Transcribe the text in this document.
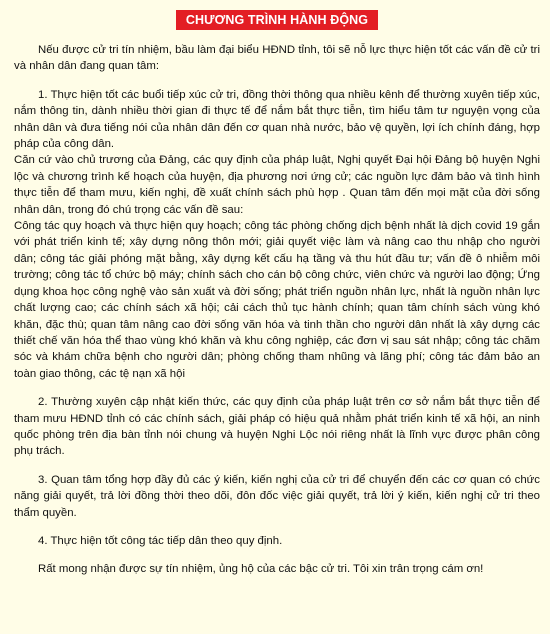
CHƯƠNG TRÌNH HÀNH ĐỘNG

Nếu được cử tri tín nhiệm, bầu làm đại biểu HĐND tỉnh, tôi sẽ nỗ lực thực hiện tốt các vấn đề cử tri và nhân dân đang quan tâm:

1. Thực hiện tốt các buổi tiếp xúc cử tri, đồng thời thông qua nhiều kênh để thường xuyên tiếp xúc, nắm thông tin, dành nhiều thời gian đi thực tế để nắm bắt thực tiễn, tìm hiểu tâm tư nguyện vọng của nhân dân và đưa tiếng nói của nhân dân đến cơ quan nhà nước, bảo vệ quyền, lợi ích chính đáng, hợp pháp của công dân.

Căn cứ vào chủ trương của Đảng, các quy định của pháp luật, Nghị quyết Đại hội Đảng bộ huyện Nghi lộc và chương trình kế hoạch của huyện, địa phương nơi ứng cử; các nguồn lực đảm bảo và tình hình thực tiễn để tham mưu, kiến nghị, đề xuất chính sách phù hợp . Quan tâm đến mọi mặt của đời sống nhân dân, trong đó chú trọng các vấn đề sau:

Công tác quy hoạch và thực hiện quy hoạch; công tác phòng chống dịch bệnh nhất là dịch covid 19 gắn với phát triển kinh tế; xây dựng nông thôn mới; giải quyết việc làm và nâng cao thu nhập cho người dân; công tác giải phóng mặt bằng, xây dựng kết cấu hạ tầng và thu hút đầu tư; vấn đề ô nhiễm môi trường; công tác tổ chức bộ máy; chính sách cho cán bộ công chức, viên chức và người lao động; Ứng dụng khoa học công nghệ vào sản xuất và đời sống; phát triển nguồn nhân lực, nhất là nguồn nhân lực chất lượng cao; các chính sách xã hội; cải cách thủ tục hành chính; quan tâm chính sách vùng khó khăn, đặc thù; quan tâm nâng cao đời sống văn hóa và tinh thần cho người dân nhất là xây dựng các thiết chế văn hóa thể thao vùng khó khăn và khu công nghiệp, các đơn vị sau sát nhập; công tác chăm sóc và khám chữa bệnh cho người dân; phòng chống tham nhũng và lãng phí; công tác đảm bảo an toàn giao thông, các tệ nạn xã hội

2. Thường xuyên cập nhật kiến thức, các quy định của pháp luật trên cơ sở nắm bắt thực tiễn để tham mưu HĐND tỉnh có các chính sách, giải pháp có hiệu quả nhằm phát triển kinh tế xã hội, an ninh quốc phòng trên địa bàn tỉnh nói chung và huyện Nghi Lộc nói riêng nhất là lĩnh vực được phân công phụ trách.

3. Quan tâm tổng hợp đầy đủ các ý kiến, kiến nghị của cử tri để chuyển đến các cơ quan có chức năng giải quyết, trả lời đồng thời theo dõi, đôn đốc việc giải quyết, trả lời ý kiến, kiến nghị cử tri theo thẩm quyền.

4. Thực hiện tốt công tác tiếp dân theo quy định.

Rất mong nhận được sự tín nhiệm, ủng hộ của các bậc cử tri. Tôi xin trân trọng cám ơn!
